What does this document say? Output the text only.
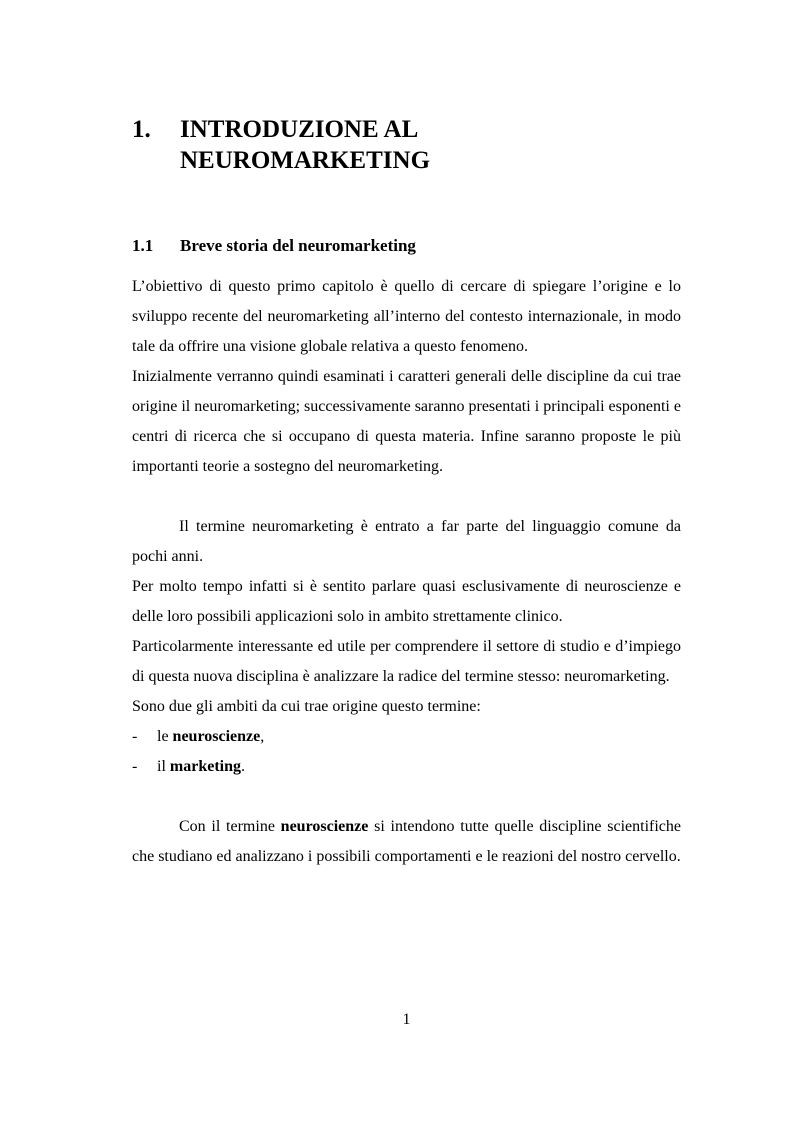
1. INTRODUZIONE AL
NEUROMARKETING
1.1 Breve storia del neuromarketing

L’obiettivo di questo primo capitolo è quello di cercare di spiegare l’origine e lo sviluppo recente del neuromarketing all’interno del contesto internazionale, in modo tale da offrire una visione globale relativa a questo fenomeno.

Inizialmente verranno quindi esaminati i caratteri generali delle discipline da cui trae origine il neuromarketing; successivamente saranno presentati i principali esponenti e centri di ricerca che si occupano di questa materia. Infine saranno proposte le più importanti teorie a sostegno del neuromarketing.

Il termine neuromarketing è entrato a far parte del linguaggio comune da pochi anni.

Per molto tempo infatti si è sentito parlare quasi esclusivamente di neuroscienze e delle loro possibili applicazioni solo in ambito strettamente clinico.

Particolarmente interessante ed utile per comprendere il settore di studio e d’impiego di questa nuova disciplina è analizzare la radice del termine stesso: neuromarketing.

Sono due gli ambiti da cui trae origine questo termine:

-	le neuroscienze,
-	il marketing.

Con il termine neuroscienze si intendono tutte quelle discipline scientifiche che studiano ed analizzano i possibili comportamenti e le reazioni del nostro cervello.

1
